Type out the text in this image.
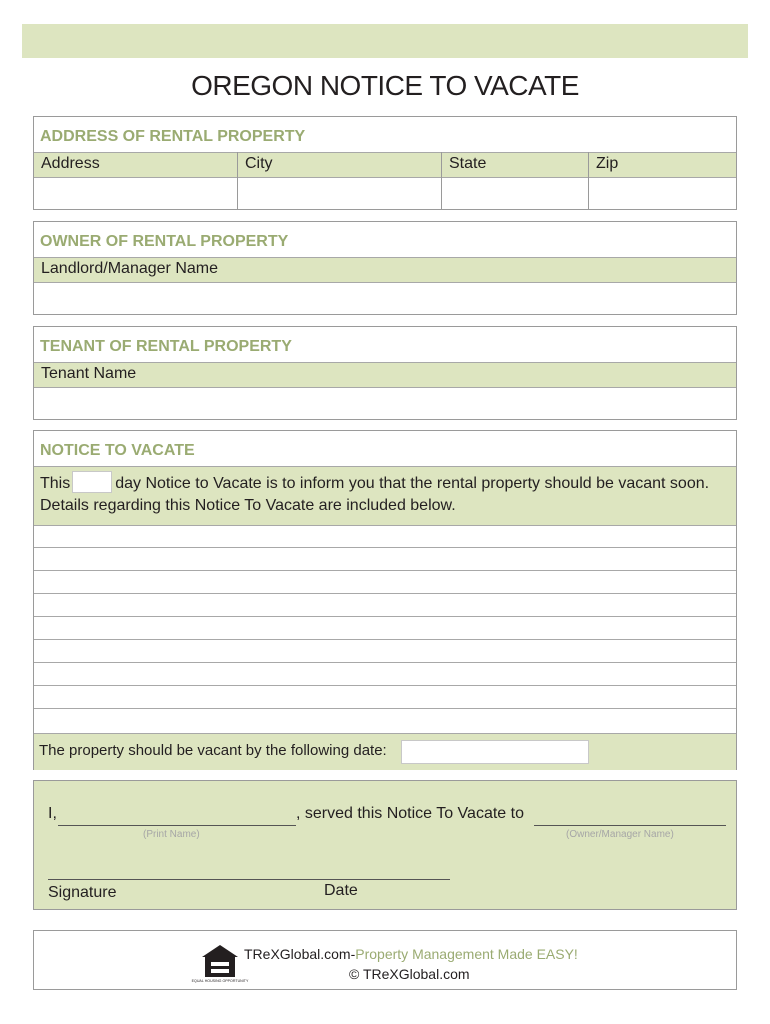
OREGON NOTICE TO VACATE
ADDRESS OF RENTAL PROPERTY
Address	City	State	Zip
OWNER OF RENTAL PROPERTY
Landlord/Manager Name
TENANT OF RENTAL PROPERTY
Tenant Name
NOTICE TO VACATE
This	day Notice to Vacate is to inform you that the rental property should be vacant soon. Details regarding this Notice To Vacate are included below.
The property should be vacant by the following date:
I,	, served this Notice To Vacate to
(Print Name)	(Owner/Manager Name)
Signature	Date
EQUAL HOUSING OPPORTUNITY
TReXGlobal.com-Property Management Made EASY!
© TReXGlobal.com
